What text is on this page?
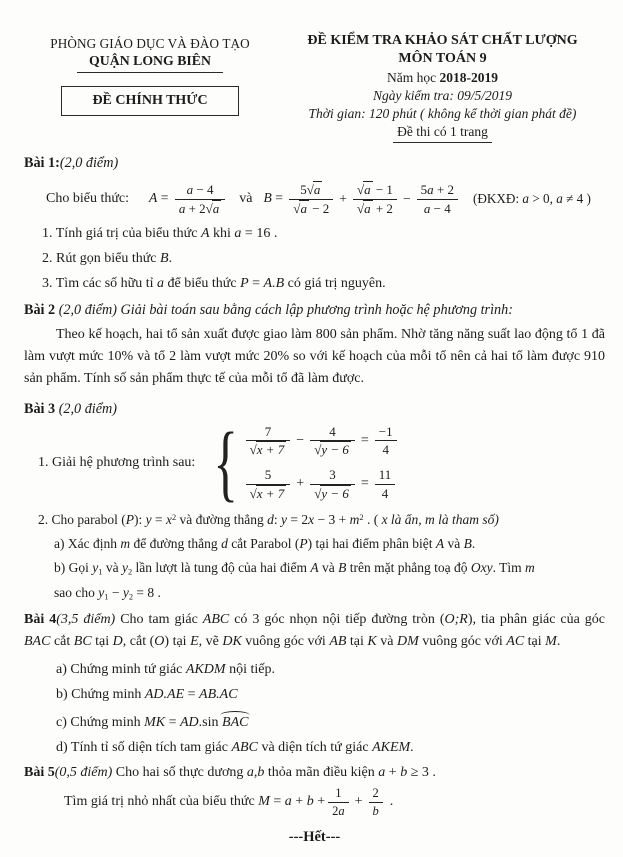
PHÒNG GIÁO DỤC VÀ ĐÀO TẠO
QUẬN LONG BIÊN
ĐỀ CHÍNH THỨC
ĐỀ KIỂM TRA KHẢO SÁT CHẤT LƯỢNG
MÔN TOÁN 9
Năm học 2018-2019
Ngày kiểm tra: 09/5/2019
Thời gian: 120 phút ( không kể thời gian phát đề)
Đề thi có 1 trang

Bài 1:(2,0 điểm)

Cho biểu thức: $A = \frac{a - 4}{a + 2√a}$ và $B = \frac{5√a}{√a - 2} + \frac{√a - 1}{√a + 2} - \frac{5a + 2}{a - 4}$ (ĐKXĐ: a > 0, a ≠ 4 )

1. Tính giá trị của biểu thức A khi a = 16 .

2. Rút gọn biểu thức B.

3. Tìm các số hữu tỉ a để biểu thức P = A.B có giá trị nguyên.

Bài 2 (2,0 điểm) Giải bài toán sau bằng cách lập phương trình hoặc hệ phương trình:

Theo kế hoạch, hai tổ sản xuất được giao làm 800 sản phẩm. Nhờ tăng năng suất lao động tổ 1 đã làm vượt mức 10% và tổ 2 làm vượt mức 20% so với kế hoạch của mỗi tổ nên cả hai tổ làm được 910 sản phẩm. Tính số sản phẩm thực tế của mỗi tổ đã làm được.

Bài 3 (2,0 điểm)

1. Giải hệ phương trình sau: { $\frac{7}{√x + 7} - \frac{4}{√y - 6} = \frac{-1}{4}$
$\frac{5}{√x + 7} + \frac{3}{√y - 6} = \frac{11}{4}$

2. Cho parabol (P): $y = x^2$ và đường thẳng d: $y = 2x - 3 + m^2$ . ( x là ẩn, m là tham số)

a) Xác định m để đường thẳng d cắt Parabol (P) tại hai điểm phân biệt A và B.

b) Gọi $y_1$ và $y_2$ lần lượt là tung độ của hai điểm A và B trên mặt phẳng toạ độ Oxy. Tìm m

sao cho $y_1 - y_2 = 8$ .

Bài 4(3,5 điểm) Cho tam giác ABC có 3 góc nhọn nội tiếp đường tròn (O;R), tia phân giác của góc BAC cắt BC tại D, cắt (O) tại E, vẽ DK vuông góc với AB tại K và DM vuông góc với AC tại M.

a) Chứng minh tứ giác AKDM nội tiếp.

b) Chứng minh AD.AE = AB.AC

c) Chứng minh MK = AD.sin BAC

d) Tính tỉ số diện tích tam giác ABC và diện tích tứ giác AKEM.

Bài 5(0,5 điểm) Cho hai số thực dương a,b thỏa mãn điều kiện a + b ≥ 3 .

Tìm giá trị nhỏ nhất của biểu thức $M = a + b + \frac{1}{2a} + \frac{2}{b}$ .

---Hết---
